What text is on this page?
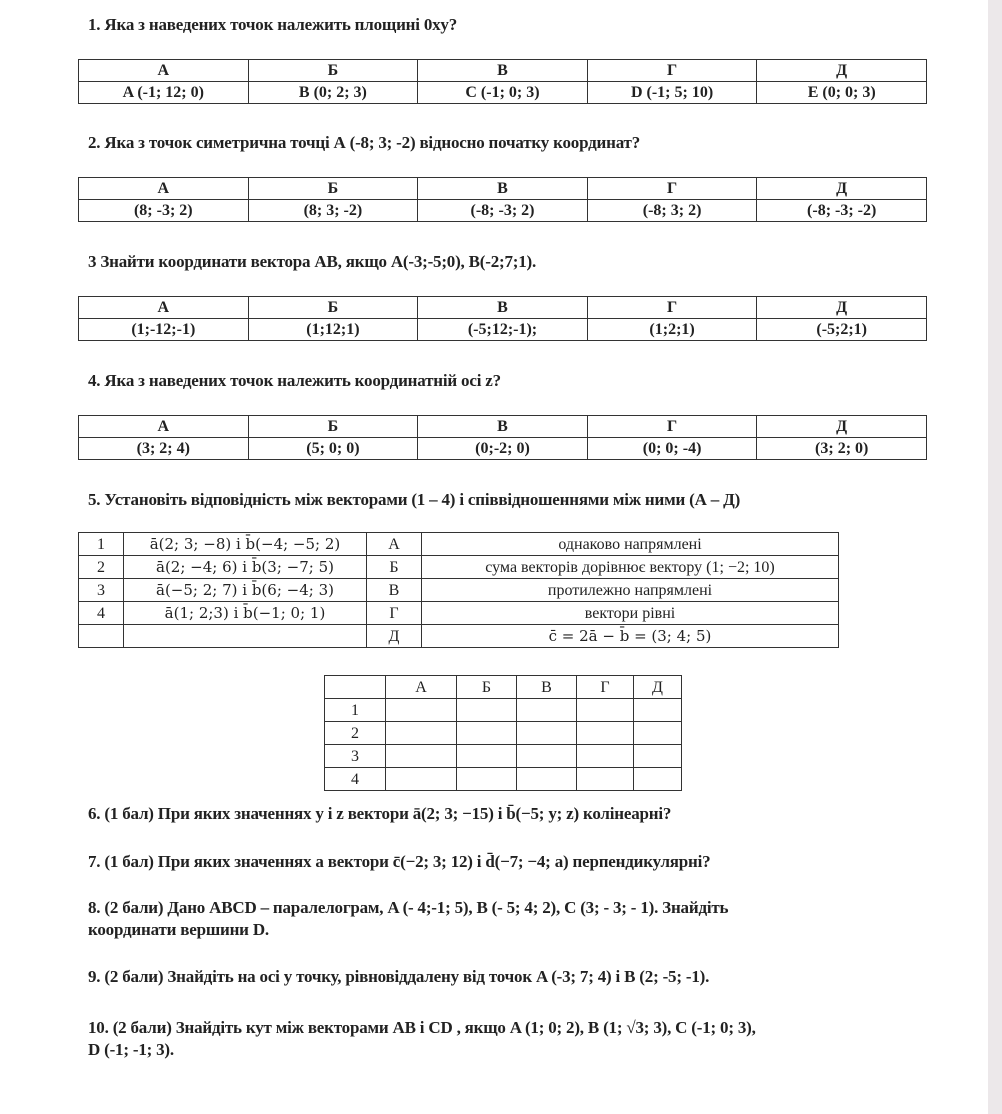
1. Яка з наведених точок належить площині 0xy?
А	Б	В	Г	Д
A (-1; 12; 0)	B (0; 2; 3)	C (-1; 0; 3)	D (-1; 5; 10)	E (0; 0; 3)
2. Яка з точок симетрична точці А (-8; 3; -2) відносно початку координат?
А	Б	В	Г	Д
(8; -3; 2)	(8; 3; -2)	(-8; -3; 2)	(-8; 3; 2)	(-8; -3; -2)
3 Знайти координати вектора АВ, якщо А(-3;-5;0), В(-2;7;1).
А	Б	В	Г	Д
(1;-12;-1)	(1;12;1)	(-5;12;-1);	(1;2;1)	(-5;2;1)
4. Яка з наведених точок належить координатній осі z?
А	Б	В	Г	Д
(3; 2; 4)	(5; 0; 0)	(0;-2; 0)	(0; 0; -4)	(3; 2; 0)
5. Установіть відповідність між векторами (1 – 4) і співвідношеннями між ними (А – Д)
1	ā(2; 3; −8) і b̄(−4; −5; 2)	А	однаково напрямлені
2	ā(2; −4; 6) і b̄(3; −7; 5)	Б	сума векторів дорівнює вектору (1; −2; 10)
3	ā(−5; 2; 7) і b̄(6; −4; 3)	В	протилежно напрямлені
4	ā(1; 2;3) і b̄(−1; 0; 1)	Г	вектори рівні
		Д	c̄ = 2ā − b̄ = (3; 4; 5)
	А	Б	В	Г	Д
1					
2					
3					
4					
6. (1 бал) При яких значеннях y і z вектори ā(2; 3; −15) і b̄(−5; y; z) колінеарні?
7. (1 бал) При яких значеннях a вектори c̄(−2; 3; 12) і d̄(−7; −4; a) перпендикулярні?
8. (2 бали) Дано ABCD – паралелограм, A (- 4;-1; 5), B (- 5; 4; 2), C (3; - 3; - 1). Знайдіть
координати вершини D.
9. (2 бали) Знайдіть на осі y точку, рівновіддалену від точок A (-3; 7; 4) і B (2; -5; -1).
10. (2 бали) Знайдіть кут між векторами AB і CD , якщо A (1; 0; 2), B (1; √3; 3), C (-1; 0; 3),
D (-1; -1; 3).
